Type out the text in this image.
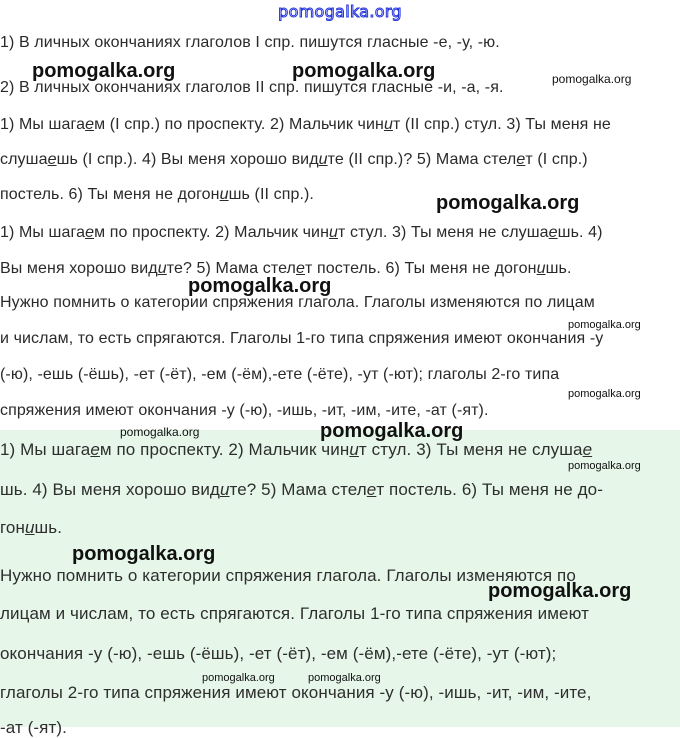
pomogalka.org
1) В личных окончаниях глаголов I спр. пишутся гласные -е, -у, -ю.
2) В личных окончаниях глаголов II спр. пишутся гласные -и, -а, -я.
1) Мы шагаем (I спр.) по проспекту. 2) Мальчик чинит (II спр.) стул. 3) Ты меня не
слушаешь (I спр.). 4) Вы меня хорошо видите (II спр.)? 5) Мама стелет (I спр.)
постель. 6) Ты меня не догонишь (II спр.).
1) Мы шагаем по проспекту. 2) Мальчик чинит стул. 3) Ты меня не слушаешь. 4)
Вы меня хорошо видите? 5) Мама стелет постель. 6) Ты меня не догонишь.
Нужно помнить о категории спряжения глагола. Глаголы изменяются по лицам
и числам, то есть спрягаются. Глаголы 1-го типа спряжения имеют окончания -у
(-ю), -ешь (-ёшь), -ет (-ёт), -ем (-ём),-ете (-ёте), -ут (-ют); глаголы 2-го типа
спряжения имеют окончания -у (-ю), -ишь, -ит, -им, -ите, -ат (-ят).
1) Мы шагаем по проспекту. 2) Мальчик чинит стул. 3) Ты меня не слушае
шь. 4) Вы меня хорошо видите? 5) Мама стелет постель. 6) Ты меня не до-
гонишь.
Нужно помнить о категории спряжения глагола. Глаголы изменяются по
лицам и числам, то есть спрягаются. Глаголы 1-го типа спряжения имеют
окончания -у (-ю), -ешь (-ёшь), -ет (-ёт), -ем (-ём),-ете (-ёте), -ут (-ют);
глаголы 2-го типа спряжения имеют окончания -у (-ю), -ишь, -ит, -им, -ите,
-ат (-ят).
pomogalka.org	pomogalka.org	pomogalka.org
pomogalka.org
pomogalka.org
pomogalka.org
pomogalka.org
pomogalka.org	pomogalka.org
pomogalka.org
pomogalka.org
pomogalka.org
pomogalka.org	pomogalka.org
